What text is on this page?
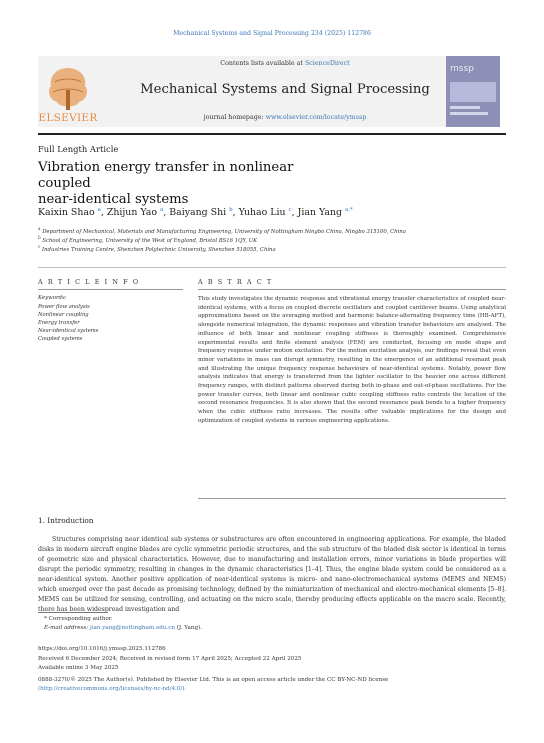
Mechanical Systems and Signal Processing 234 (2025) 112786
ELSEVIER
Contents lists available at ScienceDirect
Mechanical Systems and Signal Processing
journal homepage: www.elsevier.com/locate/ymssp
mssp
Full Length Article
Vibration energy transfer in nonlinear coupled
near-identical systems
Kaixin Shao $^a$, Zhijun Yao $^a$, Baiyang Shi $^b$, Yuhao Liu $^c$, Jian Yang $^{a,*}$
$^a$ Department of Mechanical, Materials and Manufacturing Engineering, University of Nottingham Ningbo China, Ningbo 315100, China
$^b$ School of Engineering, University of the West of England, Bristol BS16 1QY, UK
$^c$ Industries Training Centre, Shenzhen Polytechnic University, Shenzhen 518055, China
A R T I C L E I N F O
Keywords:
Power flow analysis
Nonlinear coupling
Energy transfer
Near-identical systems
Coupled systems
A B S T R A C T
This study investigates the dynamic response and vibrational energy transfer characteristics of coupled near-identical systems, with a focus on coupled discrete oscillators and coupled cantilever beams. Using analytical approximations based on the averaging method and harmonic balance-alternating frequency time (HB-AFT), alongside numerical integration, the dynamic responses and vibration transfer behaviours are analysed. The influence of both linear and nonlinear coupling stiffness is thoroughly examined. Comprehensive experimental results and finite element analysis (FEM) are conducted, focusing on mode shape and frequency response under motion excitation. For the motion excitation analysis, our findings reveal that even minor variations in mass can disrupt symmetry, resulting in the emergence of an additional resonant peak and illustrating the unique frequency response behaviours of near-identical systems. Notably, power flow analysis indicates that energy is transferred from the lighter oscillator to the heavier one across different frequency ranges, with distinct patterns observed during both in-phase and out-of-phase oscillations. For the power transfer curves, both linear and nonlinear cubic coupling stiffness ratio controls the location of the second resonance frequencies. It is also shown that the second resonance peak bends to a higher frequency when the cubic stiffness ratio increases. The results offer valuable implications for the design and optimization of coupled systems in various engineering applications.
1. Introduction
Structures comprising near identical sub systems or substructures are often encountered in engineering applications. For example, the bladed disks in modern aircraft engine blades are cyclic symmetric periodic structures, and the sub structure of the bladed disk sector is identical in terms of geometric size and physical characteristics. However, due to manufacturing and installation errors, minor variations in blade properties will disrupt the periodic symmetry, resulting in changes in the dynamic characteristics [1–4]. Thus, the engine blade system could be considered as a near-identical system. Another positive application of near-identical systems is micro- and nano-electromechanical systems (MEMS and NEMS) which emerged over the past decade as promising technology, defined by the miniaturization of mechanical and electro-mechanical elements [5–8]. MEMS can be utilized for sensing, controlling, and actuating on the micro scale, thereby producing effects applicable on the macro scale. Recently, there has been widespread investigation and
* Corresponding author.
E-mail address: jian.yang@nottingham.edu.cn (J. Yang).
https://doi.org/10.1016/j.ymssp.2025.112786
Received 6 December 2024; Received in revised form 17 April 2025; Accepted 22 April 2025
Available online 3 May 2025
0888-3270/© 2025 The Author(s). Published by Elsevier Ltd. This is an open access article under the CC BY-NC-ND license
(http://creativecommons.org/licenses/by-nc-nd/4.0/).
